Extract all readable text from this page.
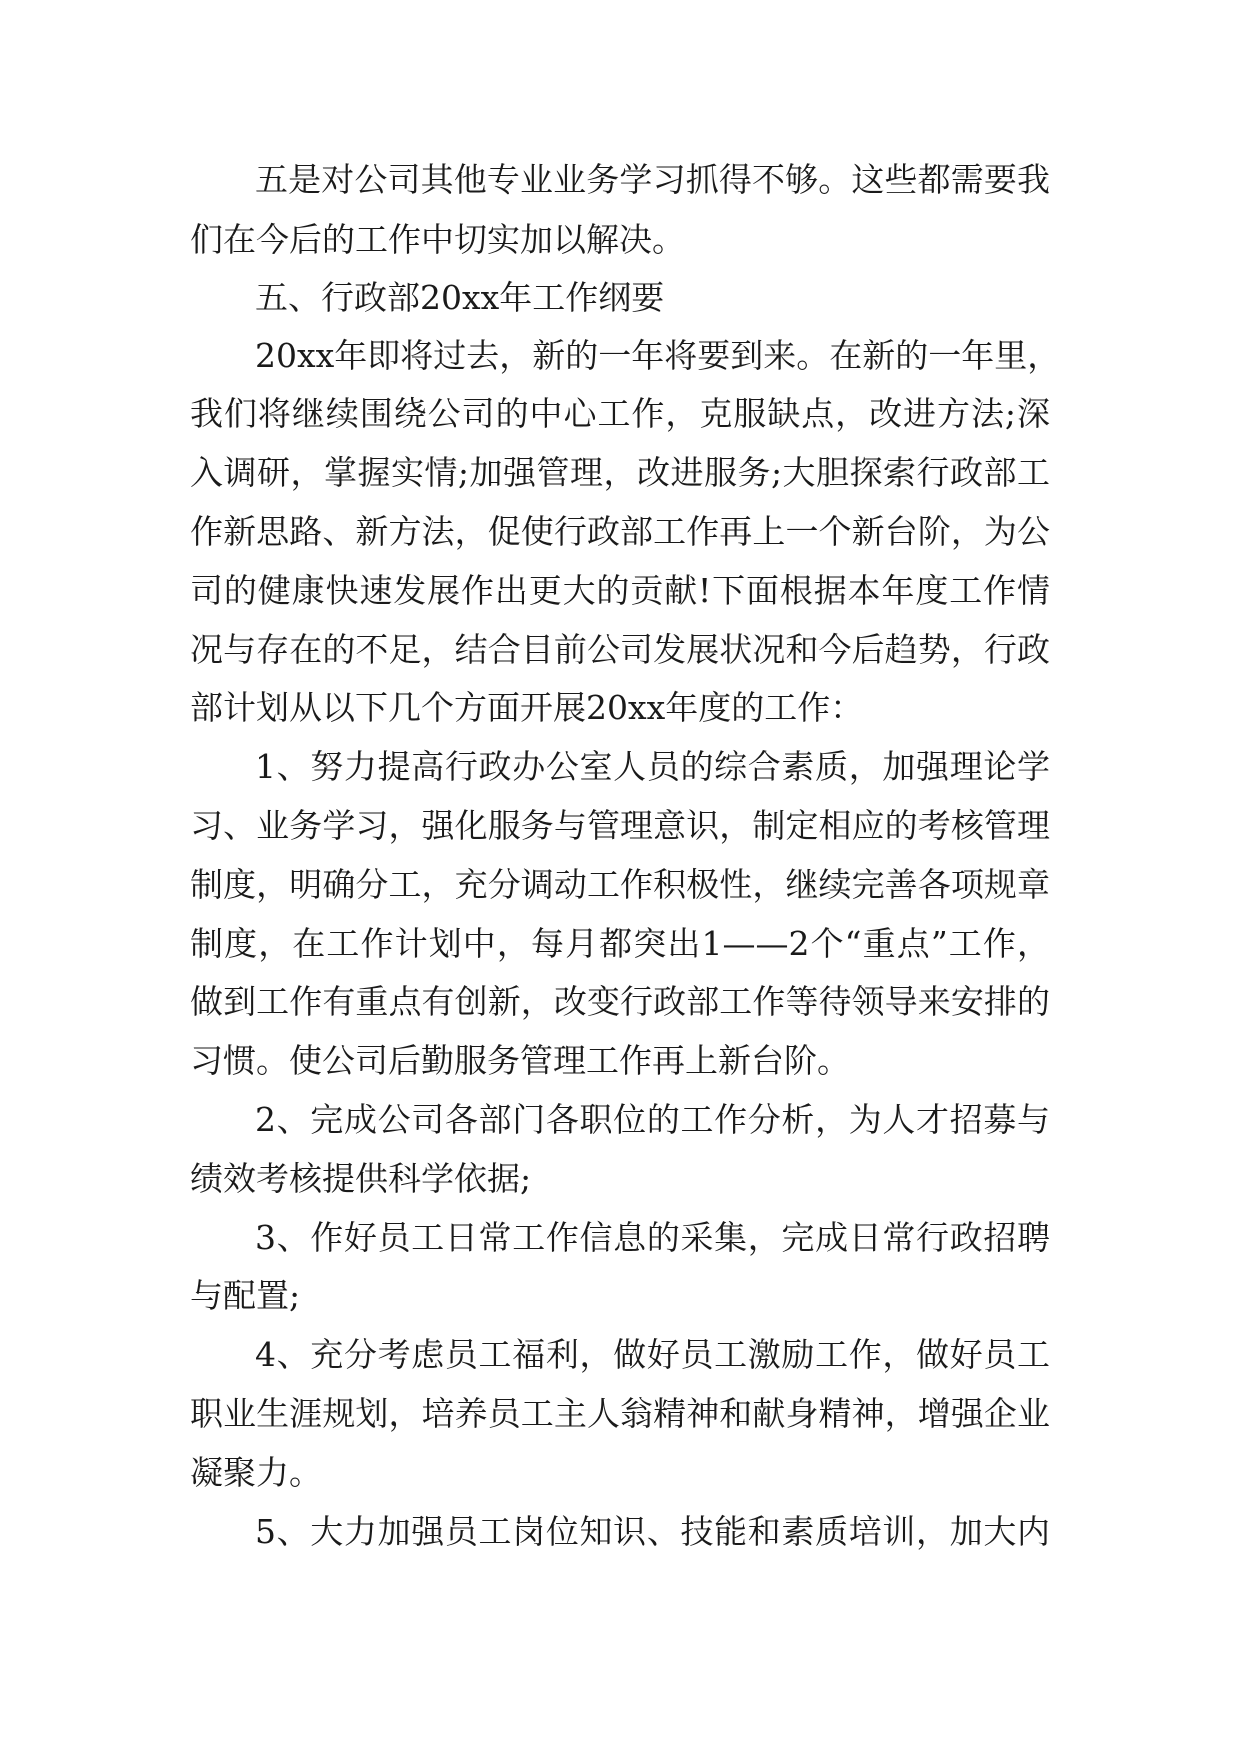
五是对公司其他专业业务学习抓得不够。这些都需要我
们在今后的工作中切实加以解决。
五、行政部20xx年工作纲要
20xx年即将过去，新的一年将要到来。在新的一年里，
我们将继续围绕公司的中心工作，克服缺点，改进方法;深
入调研，掌握实情;加强管理，改进服务;大胆探索行政部工
作新思路、新方法，促使行政部工作再上一个新台阶，为公
司的健康快速发展作出更大的贡献!下面根据本年度工作情
况与存在的不足，结合目前公司发展状况和今后趋势，行政
部计划从以下几个方面开展20xx年度的工作：
1、努力提高行政办公室人员的综合素质，加强理论学
习、业务学习，强化服务与管理意识，制定相应的考核管理
制度，明确分工，充分调动工作积极性，继续完善各项规章
制度，在工作计划中，每月都突出1——2个“重点”工作，
做到工作有重点有创新，改变行政部工作等待领导来安排的
习惯。使公司后勤服务管理工作再上新台阶。
2、完成公司各部门各职位的工作分析，为人才招募与
绩效考核提供科学依据;
3、作好员工日常工作信息的采集，完成日常行政招聘
与配置;
4、充分考虑员工福利，做好员工激励工作，做好员工
职业生涯规划，培养员工主人翁精神和献身精神，增强企业
凝聚力。
5、大力加强员工岗位知识、技能和素质培训，加大内
